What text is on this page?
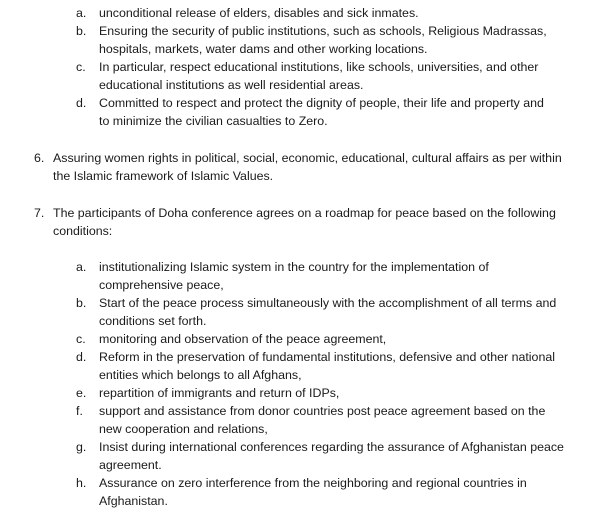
a. unconditional release of elders, disables and sick inmates.
b. Ensuring the security of public institutions, such as schools, Religious Madrassas,
hospitals, markets, water dams and other working locations.
c. In particular, respect educational institutions, like schools, universities, and other
educational institutions as well residential areas.
d. Committed to respect and protect the dignity of people, their life and property and
to minimize the civilian casualties to Zero.
6. Assuring women rights in political, social, economic, educational, cultural affairs as per within
the Islamic framework of Islamic Values.
7. The participants of Doha conference agrees on a roadmap for peace based on the following
conditions:
a. institutionalizing Islamic system in the country for the implementation of
comprehensive peace,
b. Start of the peace process simultaneously with the accomplishment of all terms and
conditions set forth.
c. monitoring and observation of the peace agreement,
d. Reform in the preservation of fundamental institutions, defensive and other national
entities which belongs to all Afghans,
e. repartition of immigrants and return of IDPs,
f. support and assistance from donor countries post peace agreement based on the
new cooperation and relations,
g. Insist during international conferences regarding the assurance of Afghanistan peace
agreement.
h. Assurance on zero interference from the neighboring and regional countries in
Afghanistan.
